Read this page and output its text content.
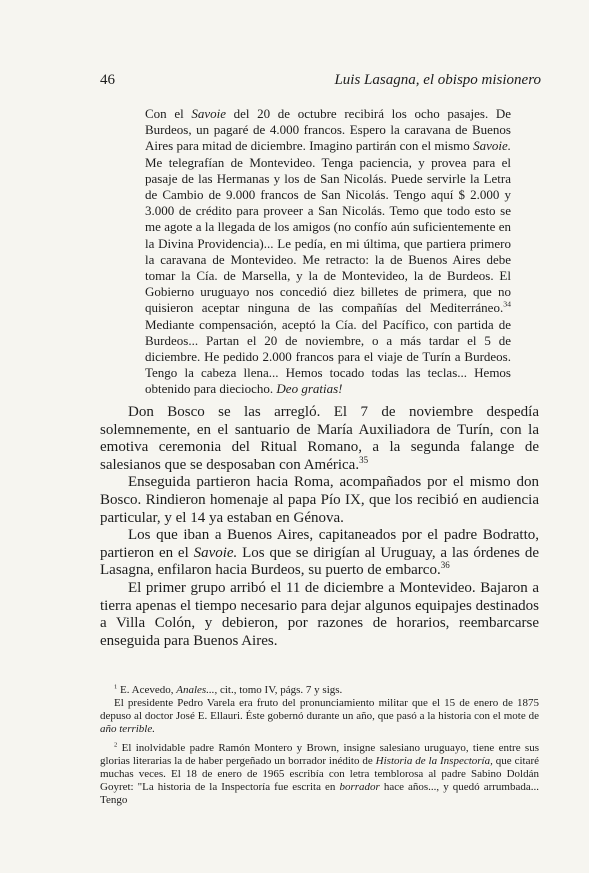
46	Luis Lasagna, el obispo misionero

Con el Savoie del 20 de octubre recibirá los ocho pasajes. De Burdeos, un pagaré de 4.000 francos. Espero la caravana de Buenos Aires para mitad de diciembre. Imagino partirán con el mismo Savoie. Me telegrafían de Montevideo. Tenga paciencia, y provea para el pasaje de las Hermanas y los de San Nicolás. Puede servirle la Letra de Cambio de 9.000 francos de San Nicolás. Tengo aquí $ 2.000 y 3.000 de crédito para proveer a San Nicolás. Temo que todo esto se me agote a la llegada de los amigos (no confío aún suficientemente en la Divina Providencia)... Le pedía, en mi última, que partiera primero la caravana de Montevideo. Me retracto: la de Buenos Aires debe tomar la Cía. de Marsella, y la de Montevideo, la de Burdeos. El Gobierno uruguayo nos concedió diez billetes de primera, que no quisieron aceptar ninguna de las compañías del Mediterráneo.$^{34}$ Mediante compensación, aceptó la Cía. del Pacífico, con partida de Burdeos... Partan el 20 de noviembre, o a más tardar el 5 de diciembre. He pedido 2.000 francos para el viaje de Turín a Burdeos. Tengo la cabeza llena... Hemos tocado todas las teclas... Hemos obtenido para dieciocho. Deo gratias!

Don Bosco se las arregló. El 7 de noviembre despedía solemnemente, en el santuario de María Auxiliadora de Turín, con la emotiva ceremonia del Ritual Romano, a la segunda falange de salesianos que se desposaban con América.$^{35}$

Enseguida partieron hacia Roma, acompañados por el mismo don Bosco. Rindieron homenaje al papa Pío IX, que los recibió en audiencia particular, y el 14 ya estaban en Génova.

Los que iban a Buenos Aires, capitaneados por el padre Bodratto, partieron en el Savoie. Los que se dirigían al Uruguay, a las órdenes de Lasagna, enfilaron hacia Burdeos, su puerto de embarco.$^{36}$

El primer grupo arribó el 11 de diciembre a Montevideo. Bajaron a tierra apenas el tiempo necesario para dejar algunos equipajes destinados a Villa Colón, y debieron, por razones de horarios, reembarcarse enseguida para Buenos Aires.

$^1$ E. Acevedo, Anales..., cit., tomo IV, págs. 7 y sigs.

El presidente Pedro Varela era fruto del pronunciamiento militar que el 15 de enero de 1875 depuso al doctor José E. Ellauri. Éste gobernó durante un año, que pasó a la historia con el mote de año terrible.

$^2$ El inolvidable padre Ramón Montero y Brown, insigne salesiano uruguayo, tiene entre sus glorias literarias la de haber pergeñado un borrador inédito de Historia de la Inspectoría, que citaré muchas veces. El 18 de enero de 1965 escribía con letra temblorosa al padre Sabino Doldán Goyret: "La historia de la Inspectoría fue escrita en borrador hace años..., y quedó arrumbada... Tengo
